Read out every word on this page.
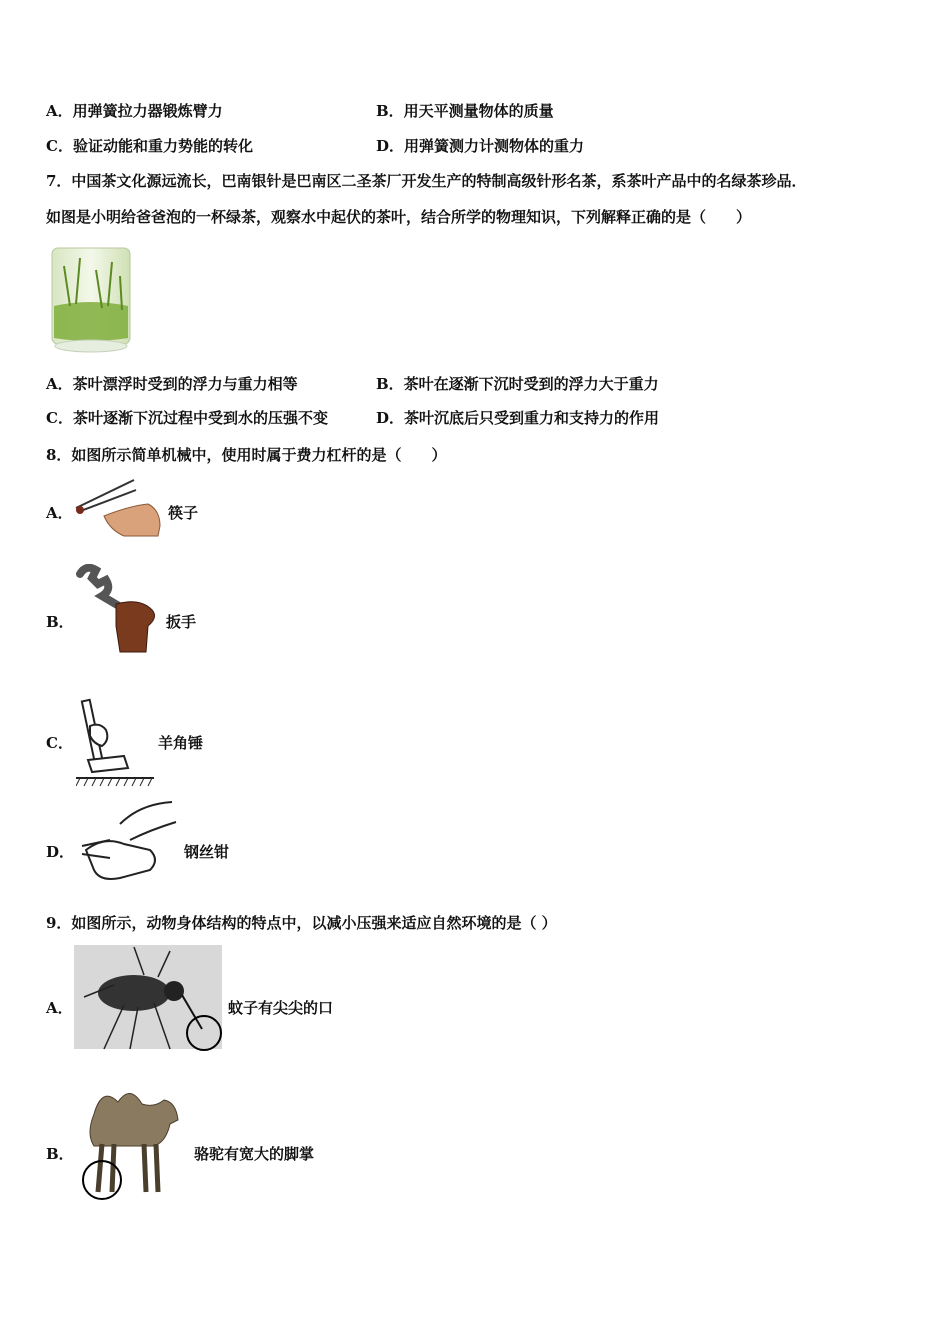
A．用弹簧拉力器锻炼臂力	B．用天平测量物体的质量
C．验证动能和重力势能的转化	D．用弹簧测力计测物体的重力
7．中国茶文化源远流长，巴南银针是巴南区二圣茶厂开发生产的特制高级针形名茶，系茶叶产品中的名绿茶珍品．
如图是小明给爸爸泡的一杯绿茶，观察水中起伏的茶叶，结合所学的物理知识，下列解释正确的是（　　）
A．茶叶漂浮时受到的浮力与重力相等	B．茶叶在逐渐下沉时受到的浮力大于重力
C．茶叶逐渐下沉过程中受到水的压强不变	D．茶叶沉底后只受到重力和支持力的作用
8．如图所示简单机械中，使用时属于费力杠杆的是（　　）
A．	筷子
B．	扳手
C．	羊角锤
D．	钢丝钳
9．如图所示，动物身体结构的特点中，以减小压强来适应自然环境的是（ ）
A．	蚊子有尖尖的口
B．	骆驼有宽大的脚掌
